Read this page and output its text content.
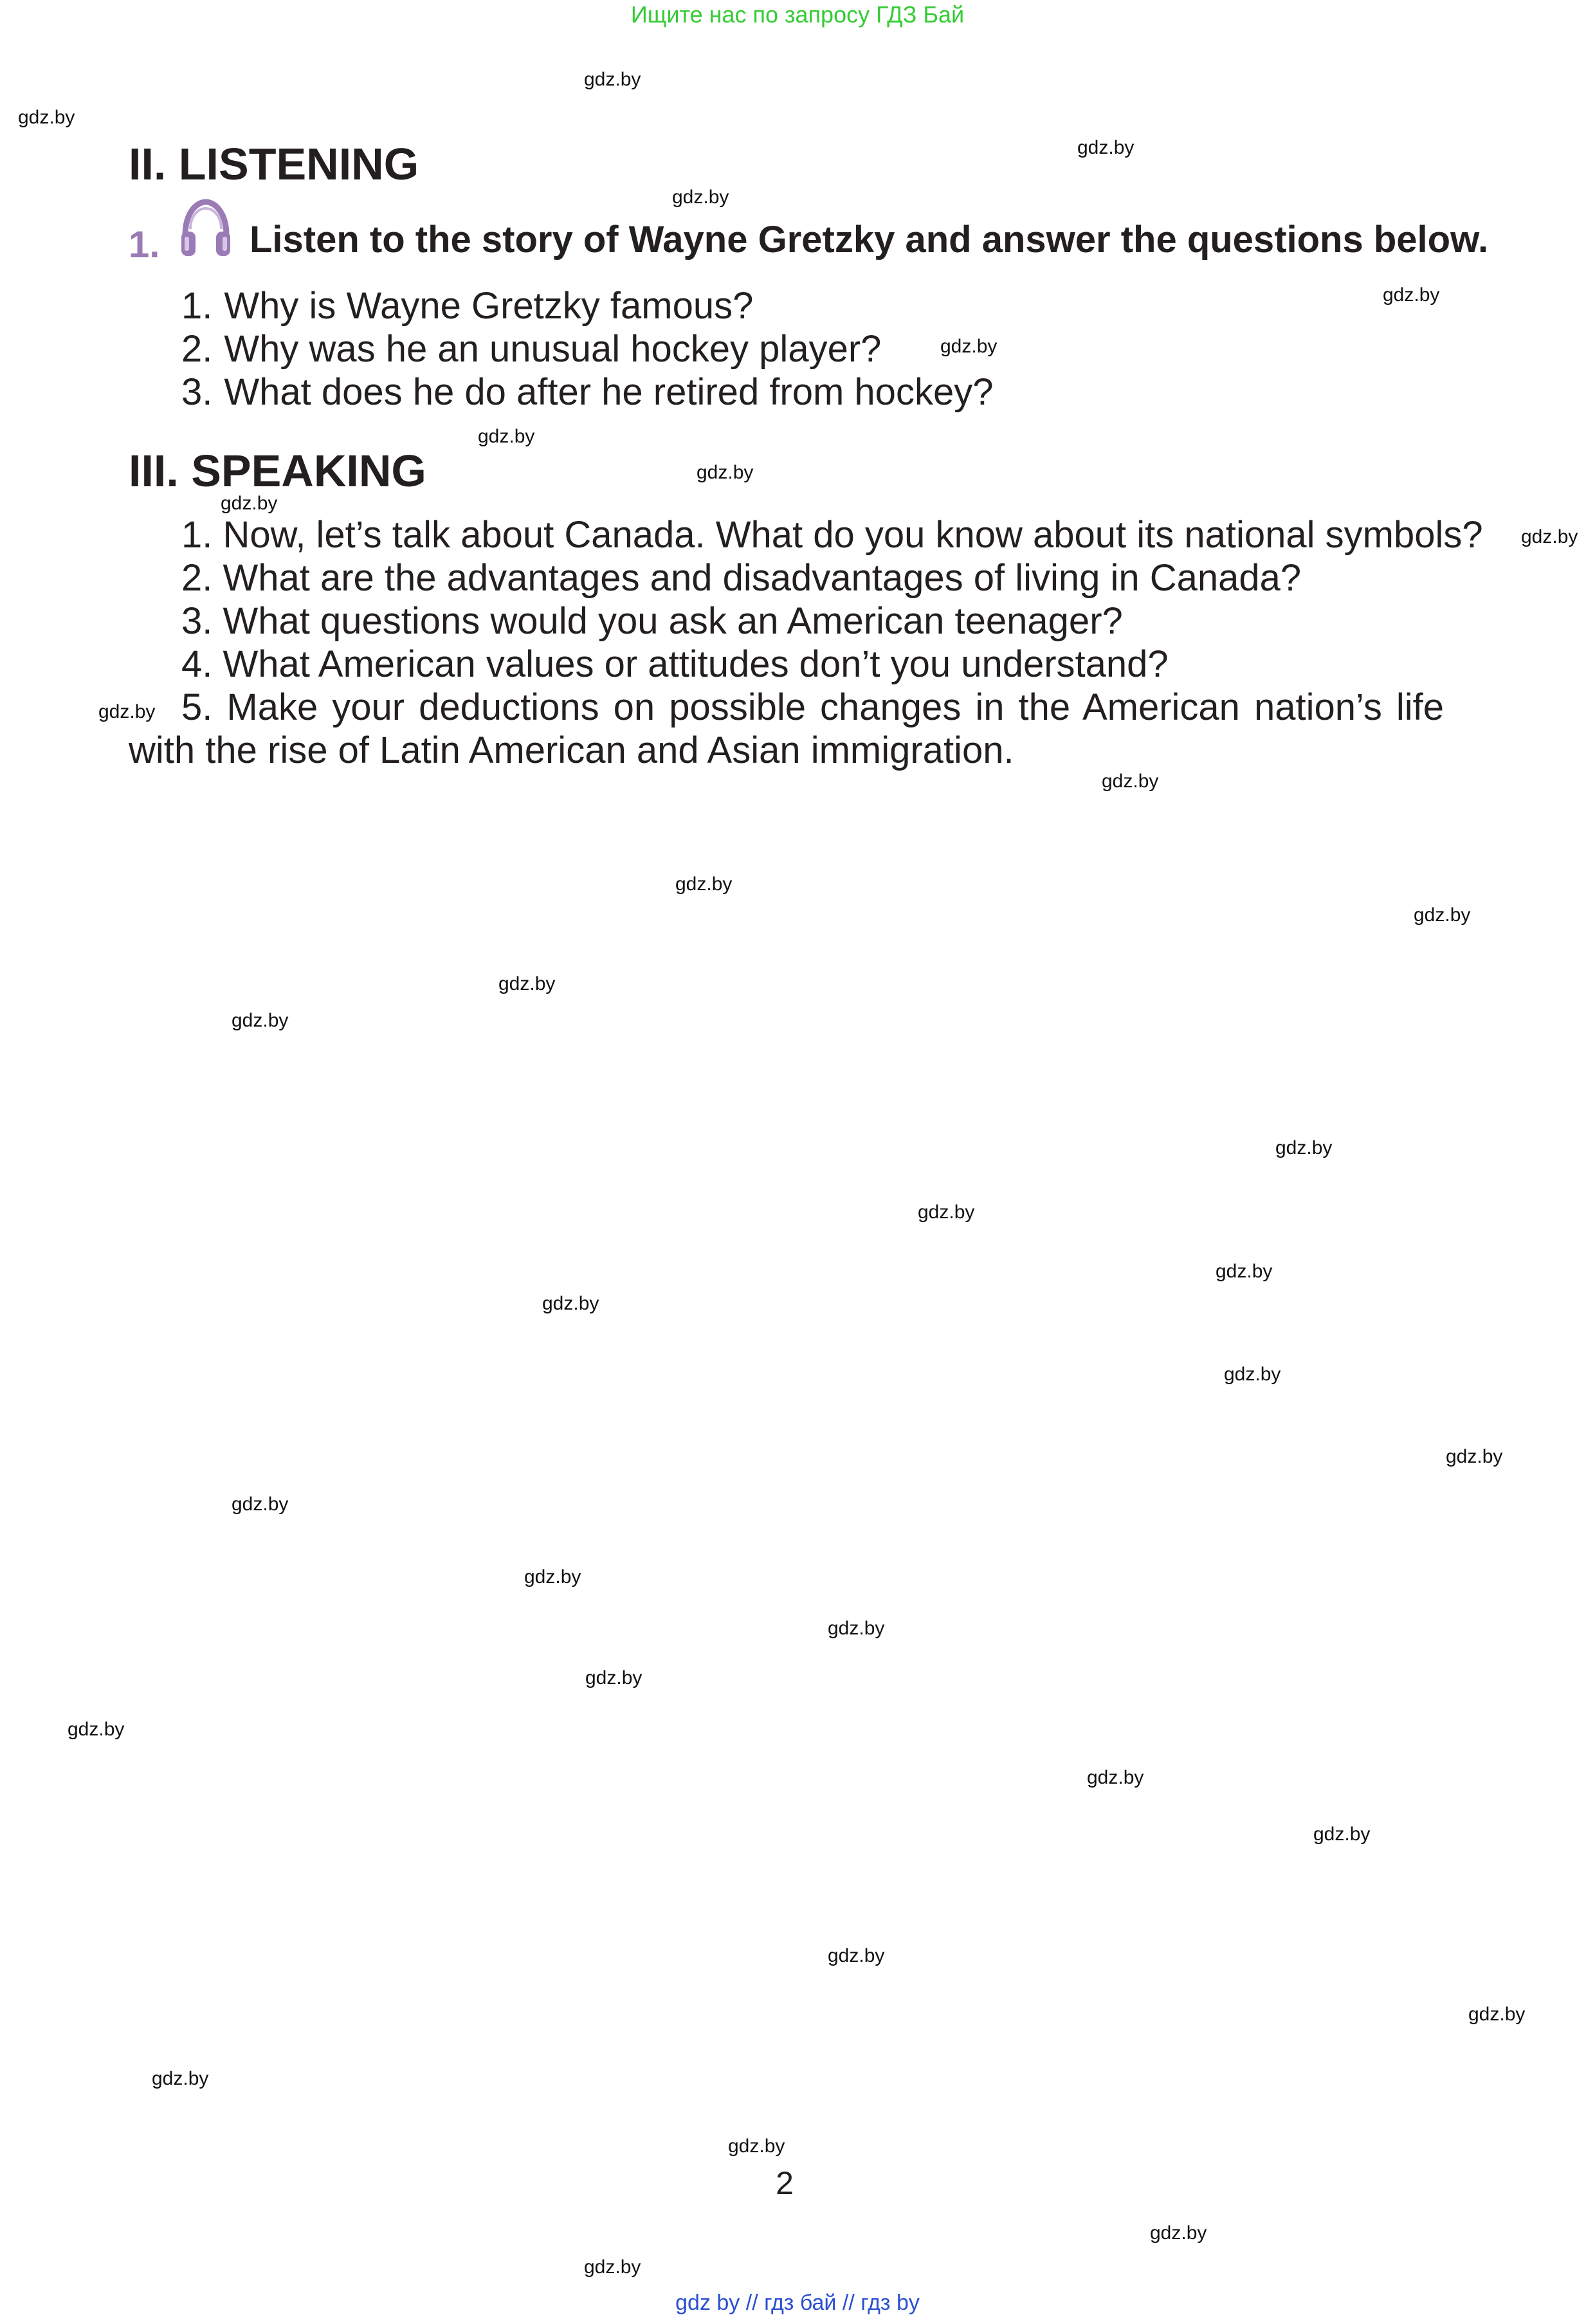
Ищите нас по запросу ГДЗ Бай
II. LISTENING
1. Listen to the story of Wayne Gretzky and answer the questions below.
1. Why is Wayne Gretzky famous?
2. Why was he an unusual hockey player?
3. What does he do after he retired from hockey?
III. SPEAKING
1. Now, let’s talk about Canada. What do you know about its national symbols?
2. What are the advantages and disadvantages of living in Canada?
3. What questions would you ask an American teenager?
4. What American values or attitudes don’t you understand?
5. Make your deductions on possible changes in the American nation’s life
with the rise of Latin American and Asian immigration.
2
gdz by // гдз бай // гдз by
gdz.by
gdz.by
gdz.by
gdz.by
gdz.by
gdz.by
gdz.by
gdz.by
gdz.by
gdz.by
gdz.by
gdz.by
gdz.by
gdz.by
gdz.by
gdz.by
gdz.by
gdz.by
gdz.by
gdz.by
gdz.by
gdz.by
gdz.by
gdz.by
gdz.by
gdz.by
gdz.by
gdz.by
gdz.by
gdz.by
gdz.by
gdz.by
gdz.by
gdz.by
gdz.by
